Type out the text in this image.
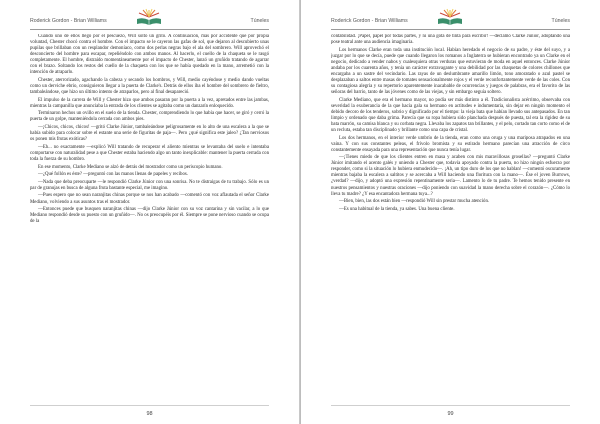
Roderick Gordon - Brian Williams	Túneles

Cuando uno de ellos llegó por el pescuezo, Will soltó un grito. A continuación, más por accidente que por propia voluntad, Chester chocó contra el hombre. Con el impacto se le cayeron las gafas de sol, que dejaron al descubierto unas pupilas que brillaban con un resplandor demoníaco, como dos perlas negras bajo el ala del sombrero. Will aprovechó el desconcierto del hombre para escapar, repeliéndolo con ambos manos. Al hacerlo, el cuello de la chaqueta se le rasgó completamente. El hombre, distraído momentáneamente por el impacto de Chester, lanzó un gruñido tratando de agarrar con el brazo. Soltando los restos del cuello de la chaqueta con los que se había quedado en la mano, arremetió con la intención de atraparlo.

Chester, aterrorizado, agachando la cabeza y secando los hombros, y Will, medio cayéndose y medio dando vueltas como un derviche ebrio, consiguieron llegar a la puerta de Clarke's. Detrás de ellos iba el hombre del sombrero de fieltro, tambaleándose, que hizo un último intento de atraparlos, pero al final desapareció.

El impulso de la carrera de Will y Chester hizo que ambos pasaran por la puerta a la vez, apretados entre las jambas, mientras la campanilla que anunciaba la entrada de los clientes se agitaba como un danzarín enloquecido.

Terminaron hechos un ovillo en el suelo de la tienda. Chester, comprendiendo lo que había que hacer, se giró y cerró la puerta de un golpe, manteniéndola cerrada con ambos pies.

—¡Chicos, chicos, chicos! —gritó Clarke Júnior, tambaleándose peligrosamente en lo alto de una escalera a la que se había subido para colocar sobre el estante una serie de figuritas de paja—. Pero ¿qué significa este jaleo? ¿Tan nerviosos os ponen mis frutas exóticas?

—Eh... no exactamente —explicó Will tratando de recuperar el aliento mientras se levantaba del suelo e intentaba comportarse con naturalidad pese a que Chester estaba haciendo algo un tanto inexplicable: mantener la puerta cerrada con toda la fuerza de su hombro.

En ese momento, Clarke Mediano se alzó de detrás del mostrador como un periscopio humano.

—¿Qué follón es éste? —preguntó con las manos llenas de papeles y recibos.

—Nada que deba preocuparte —le respondió Clarke Júnior con una sonrisa. No te distraigas de tu trabajo. Sólo es un par de granujas en busca de alguna fruta bastante especial, me imagino.

—Pues espero que no sean naranjitas chinas porque se nos han acabado —comentó con voz aflautada el señor Clarke Mediano, volviendo a sus asuntos tras el mostrador.

—Entonces puede que busquen naranjitas chinas —dijo Clarke Júnior con su voz cantarina y sin vacilar, a lo que Mediano respondió desde su puesto con un gruñido—. No os preocupéis por él. Siempre se pone nervioso cuando se ocupa de la

98
Roderick Gordon - Brian Williams	Túneles

contabilidad. ¡Papel, papel por todas partes, y ni una gota de tinta para escribir! —declamó Clarke Júnior, adoptando una pose teatral ante una audiencia imaginaria.

Los hermanos Clarke eran toda una institución local. Habían heredado el negocio de su padre, y éste del suyo, y a juzgar por lo que se decía, puede que cuando llegaron los romanos a Inglaterra se hubieran encontrado ya un Clarke en el negocio, dedicado a vender nabos y cualesquiera otras verduras que estuvieran de moda en aquel entonces. Clarke Júnior andaba por los cuarenta años, y tenía un carácter extravagante y una debilidad por las chaquetas de colores chillones que encargaba a un sastre del vecindario. Las rayas de un deslumbrante amarillo limón, tono amoratado o azul pastel se desplazaban a saltos entre masas de tomates sensacionalmente rojos y el verde reconfortantemente verde de las coles. Con su contagiosa alegría y su repertorio aparentemente inacabable de ocurrencias y juegos de palabras, era el favorito de las señoras del barrio, tanto de las jóvenes como de las viejas, y sin embargo seguía soltero.

Clarke Mediano, que era el hermano mayor, no podía ser más distinto a él. Tradicionalista acérrimo, observaba con severidad la exuberancia de la que hacía gala su hermano en actitudes e indumentaria, sin dejar en ningún momento el debido decoro de los tenderos, sobrio y dignificado por el tiempo: la vieja bata que habían llevado sus antepasados. En tan limpio y ordenado que daba grima. Parecía que su ropa hubiera sido planchada después de puesta, tal era la rigidez de su bata marrón, su camisa blanca y su corbata negra. Llevaba los zapatos tan brillantes, y el pelo, cortado tan corto como el de un recluta, estaba tan disciplinado y brillante como una capa de cristal.

Los dos hermanos, en el interior verde umbrío de la tienda, eran como una oruga y una mariposa atrapados en una vaina. Y con sus constantes peleas, el frívolo bromista y su estirado hermano parecían una atracción de circo constantemente ensayada para una representación que nunca tenía lugar.

—¡Tienes miedo de que los clientes entren en masa y acaben con mis maravillosas grosellas? —preguntó Clarke Júnior imitando el acento galés y uniendo a Chester que, todavía apoyado contra la puerta, no hizo ningún esfuerzo por responder, como si la situación lo hubiera enmudecido—. ¡Ah, un tipo duro de los que no hablan! —comentó oscuramente mientras bajaba la escalera a saltitos y se acercaba a Will haciendo una floritura con la mano—. Ése el joven Burrows, ¿verdad? —dijo, y adoptó una expresión repentinamente seria—. Lamento lo de tu padre. Te hemos tenido presente en nuestros pensamientos y nuestras oraciones —dijo poniendo con suavidad la mano derecha sobre el corazón—. ¿Cómo lo lleva tu madre? ¿Y esa encantadora hermana tuya...?

—Bien, bien, las dos están bien —respondió Will sin prestar mucha atención.

—Es una habitual de la tienda, ya sabes. Una buena cliente.

99
